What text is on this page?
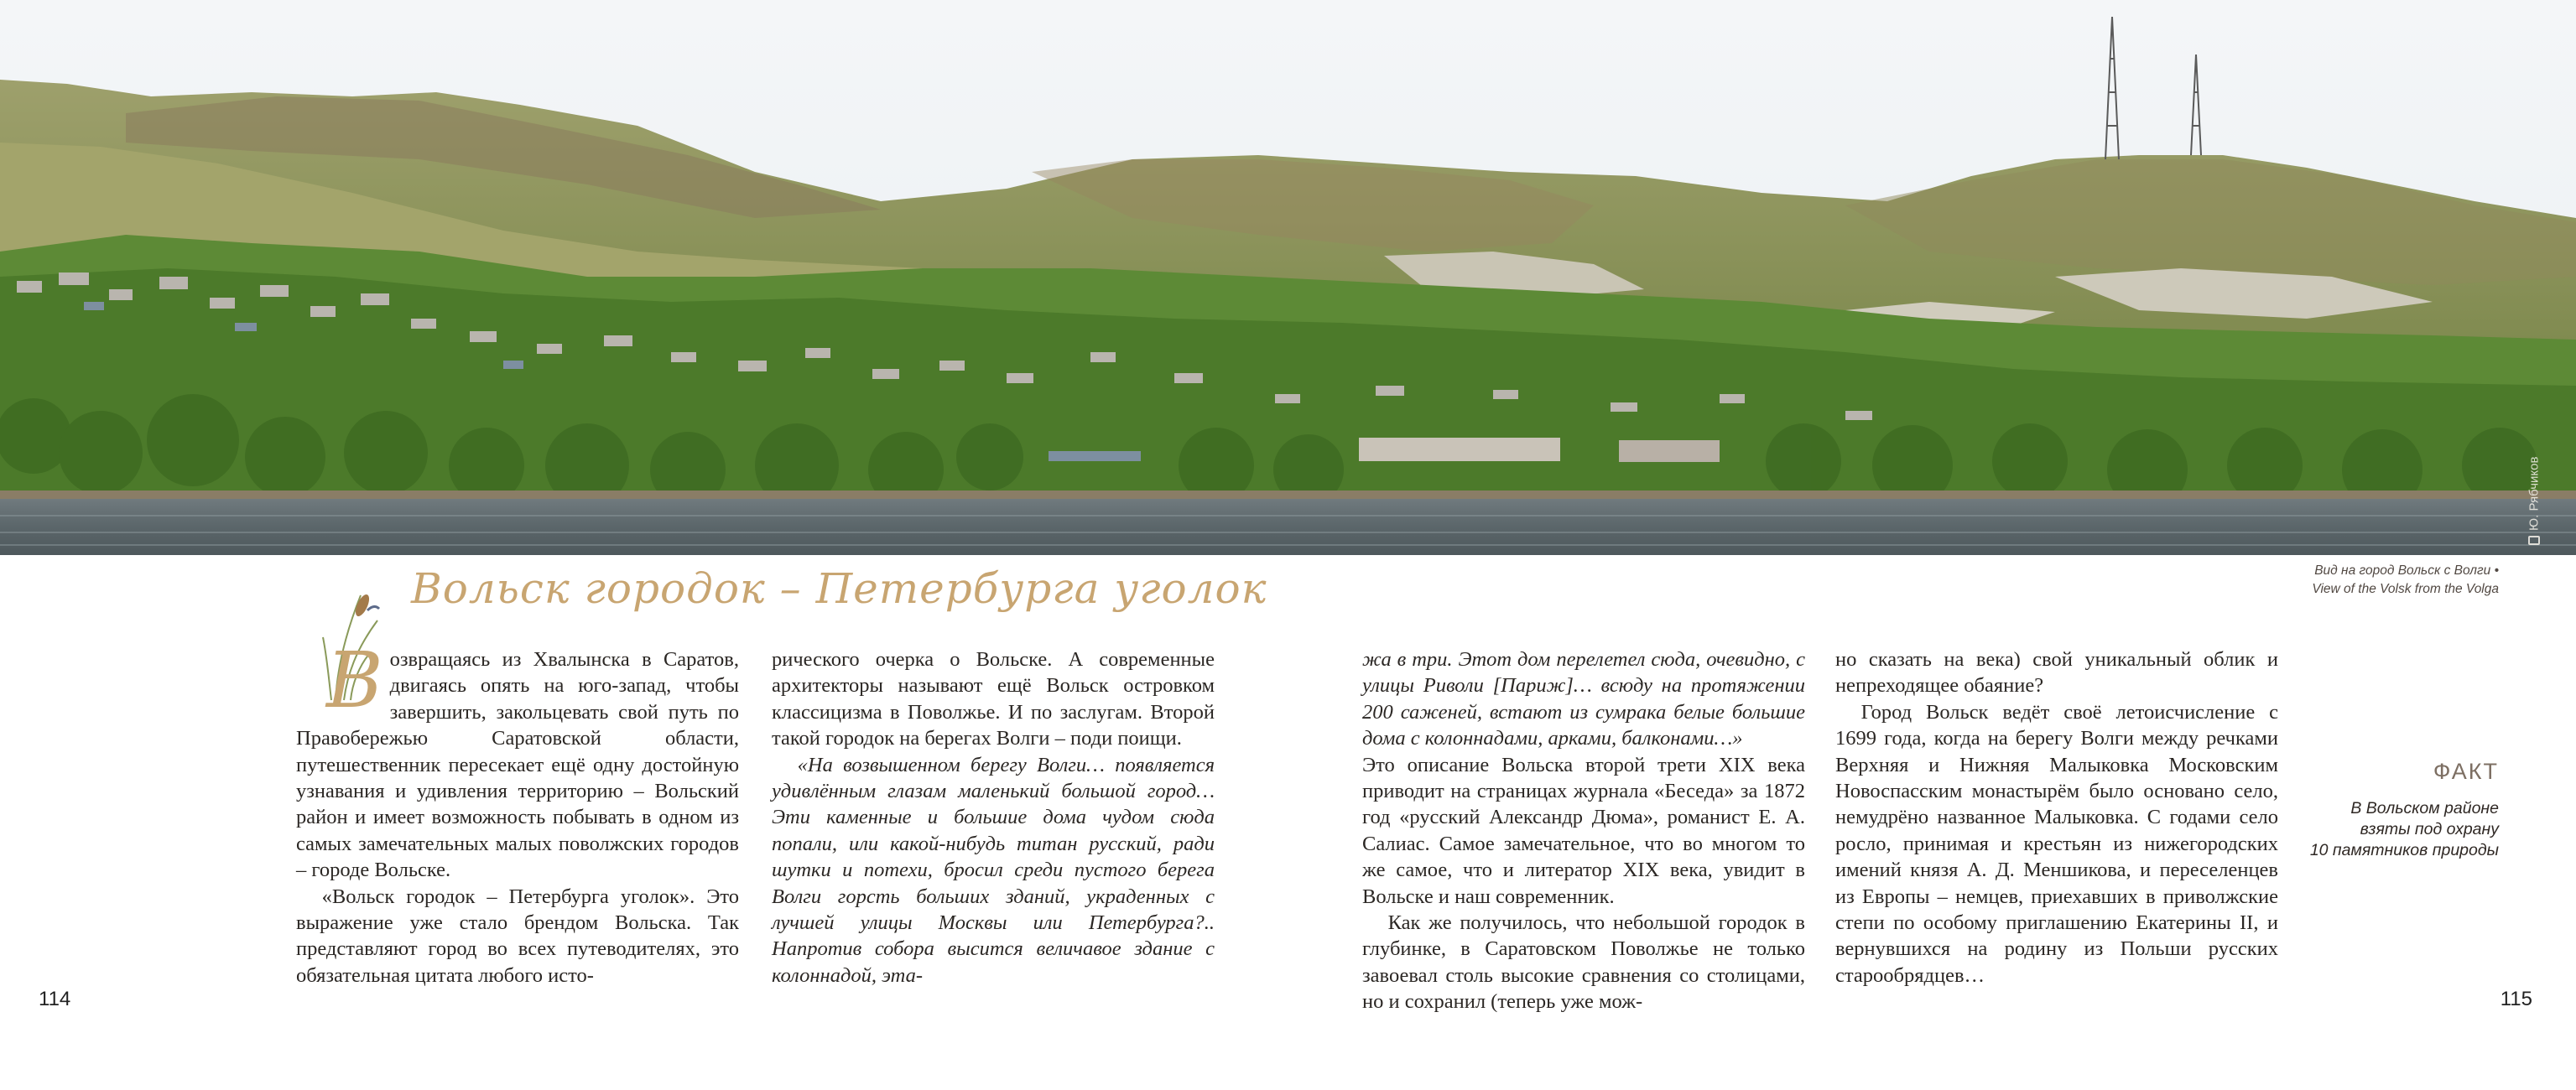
Ю. Рябчиков
Вид на город Вольск с Волги •
View of the Volsk from the Volga
Вольск городок – Петербурга уголок
В озвращаясь из Хвалынска в Саратов, двигаясь опять на юго-запад, чтобы завершить, закольцевать свой путь по Правобережью Саратовской области, путешественник пересекает ещё одну достойную узнавания и удивления территорию – Вольский район и имеет возможность побывать в одном из самых замечательных малых поволжских городов – городе Вольске.

«Вольск городок – Петербурга уголок». Это выражение уже стало брендом Вольска. Так представляют город во всех путеводителях, это обязательная цитата любого исто-

рического очерка о Вольске. А современные архитекторы называют ещё Вольск островком классицизма в Поволжье. И по заслугам. Второй такой городок на берегах Волги – поди поищи.

«На возвышенном берегу Волги… появляется удивлённым глазам маленький большой город… Эти каменные и большие дома чудом сюда попали, или какой-нибудь титан русский, ради шутки и потехи, бросил среди пустого берега Волги горсть больших зданий, украденных с лучшей улицы Москвы или Петербурга?.. Напротив собора высится величавое здание с колоннадой, эта-

жа в три. Этот дом перелетел сюда, очевидно, с улицы Риволи [Париж]… всюду на протяжении 200 саженей, встают из сумрака белые большие дома с колоннадами, арками, балконами…»

Это описание Вольска второй трети XIX века приводит на страницах журнала «Беседа» за 1872 год «русский Александр Дюма», романист Е. А. Салиас. Самое замечательное, что во многом то же самое, что и литератор XIX века, увидит в Вольске и наш современник.

Как же получилось, что небольшой городок в глубинке, в Саратовском Поволжье не только завоевал столь высокие сравнения со столицами, но и сохранил (теперь уже мож-

но сказать на века) свой уникальный облик и непреходящее обаяние?

Город Вольск ведёт своё летоисчисление с 1699 года, когда на берегу Волги между речками Верхняя и Нижняя Малыковка Московским Новоспасским монастырём было основано село, немудрёно названное Малыковка. С годами село росло, принимая и крестьян из нижегородских имений князя А. Д. Меншикова, и переселенцев из Европы – немцев, приехавших в приволжские степи по особому приглашению Екатерины II, и вернувшихся на родину из Польши русских старообрядцев…

ФАКТ
В Вольском районе
взяты под охрану
10 памятников природы
114	115
